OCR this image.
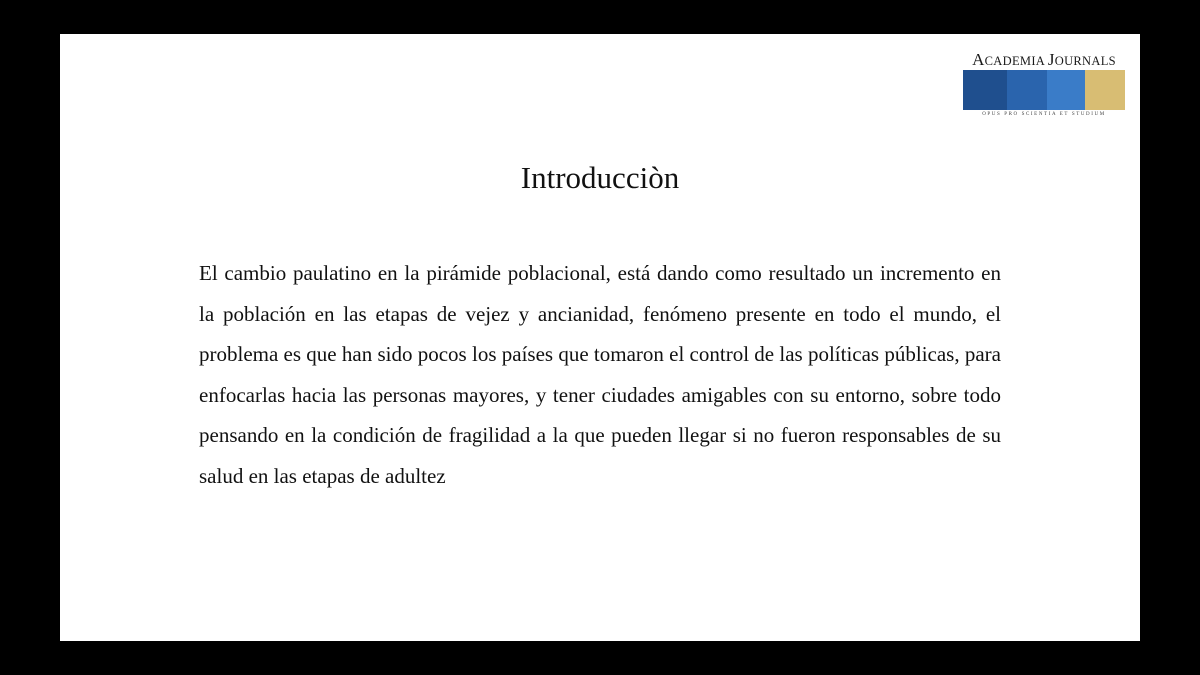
ACADEMIA JOURNALS
OPUS PRO SCIENTIA ET STUDIUM
Introducciòn

El cambio paulatino en la pirámide poblacional, está dando como resultado un incremento en la población en las etapas de vejez y ancianidad, fenómeno presente en todo el mundo, el problema es que han sido pocos los países que tomaron el control de las políticas públicas, para enfocarlas hacia las personas mayores, y tener ciudades amigables con su entorno, sobre todo pensando en la condición de fragilidad a la que pueden llegar si no fueron responsables de su salud en las etapas de adultez
